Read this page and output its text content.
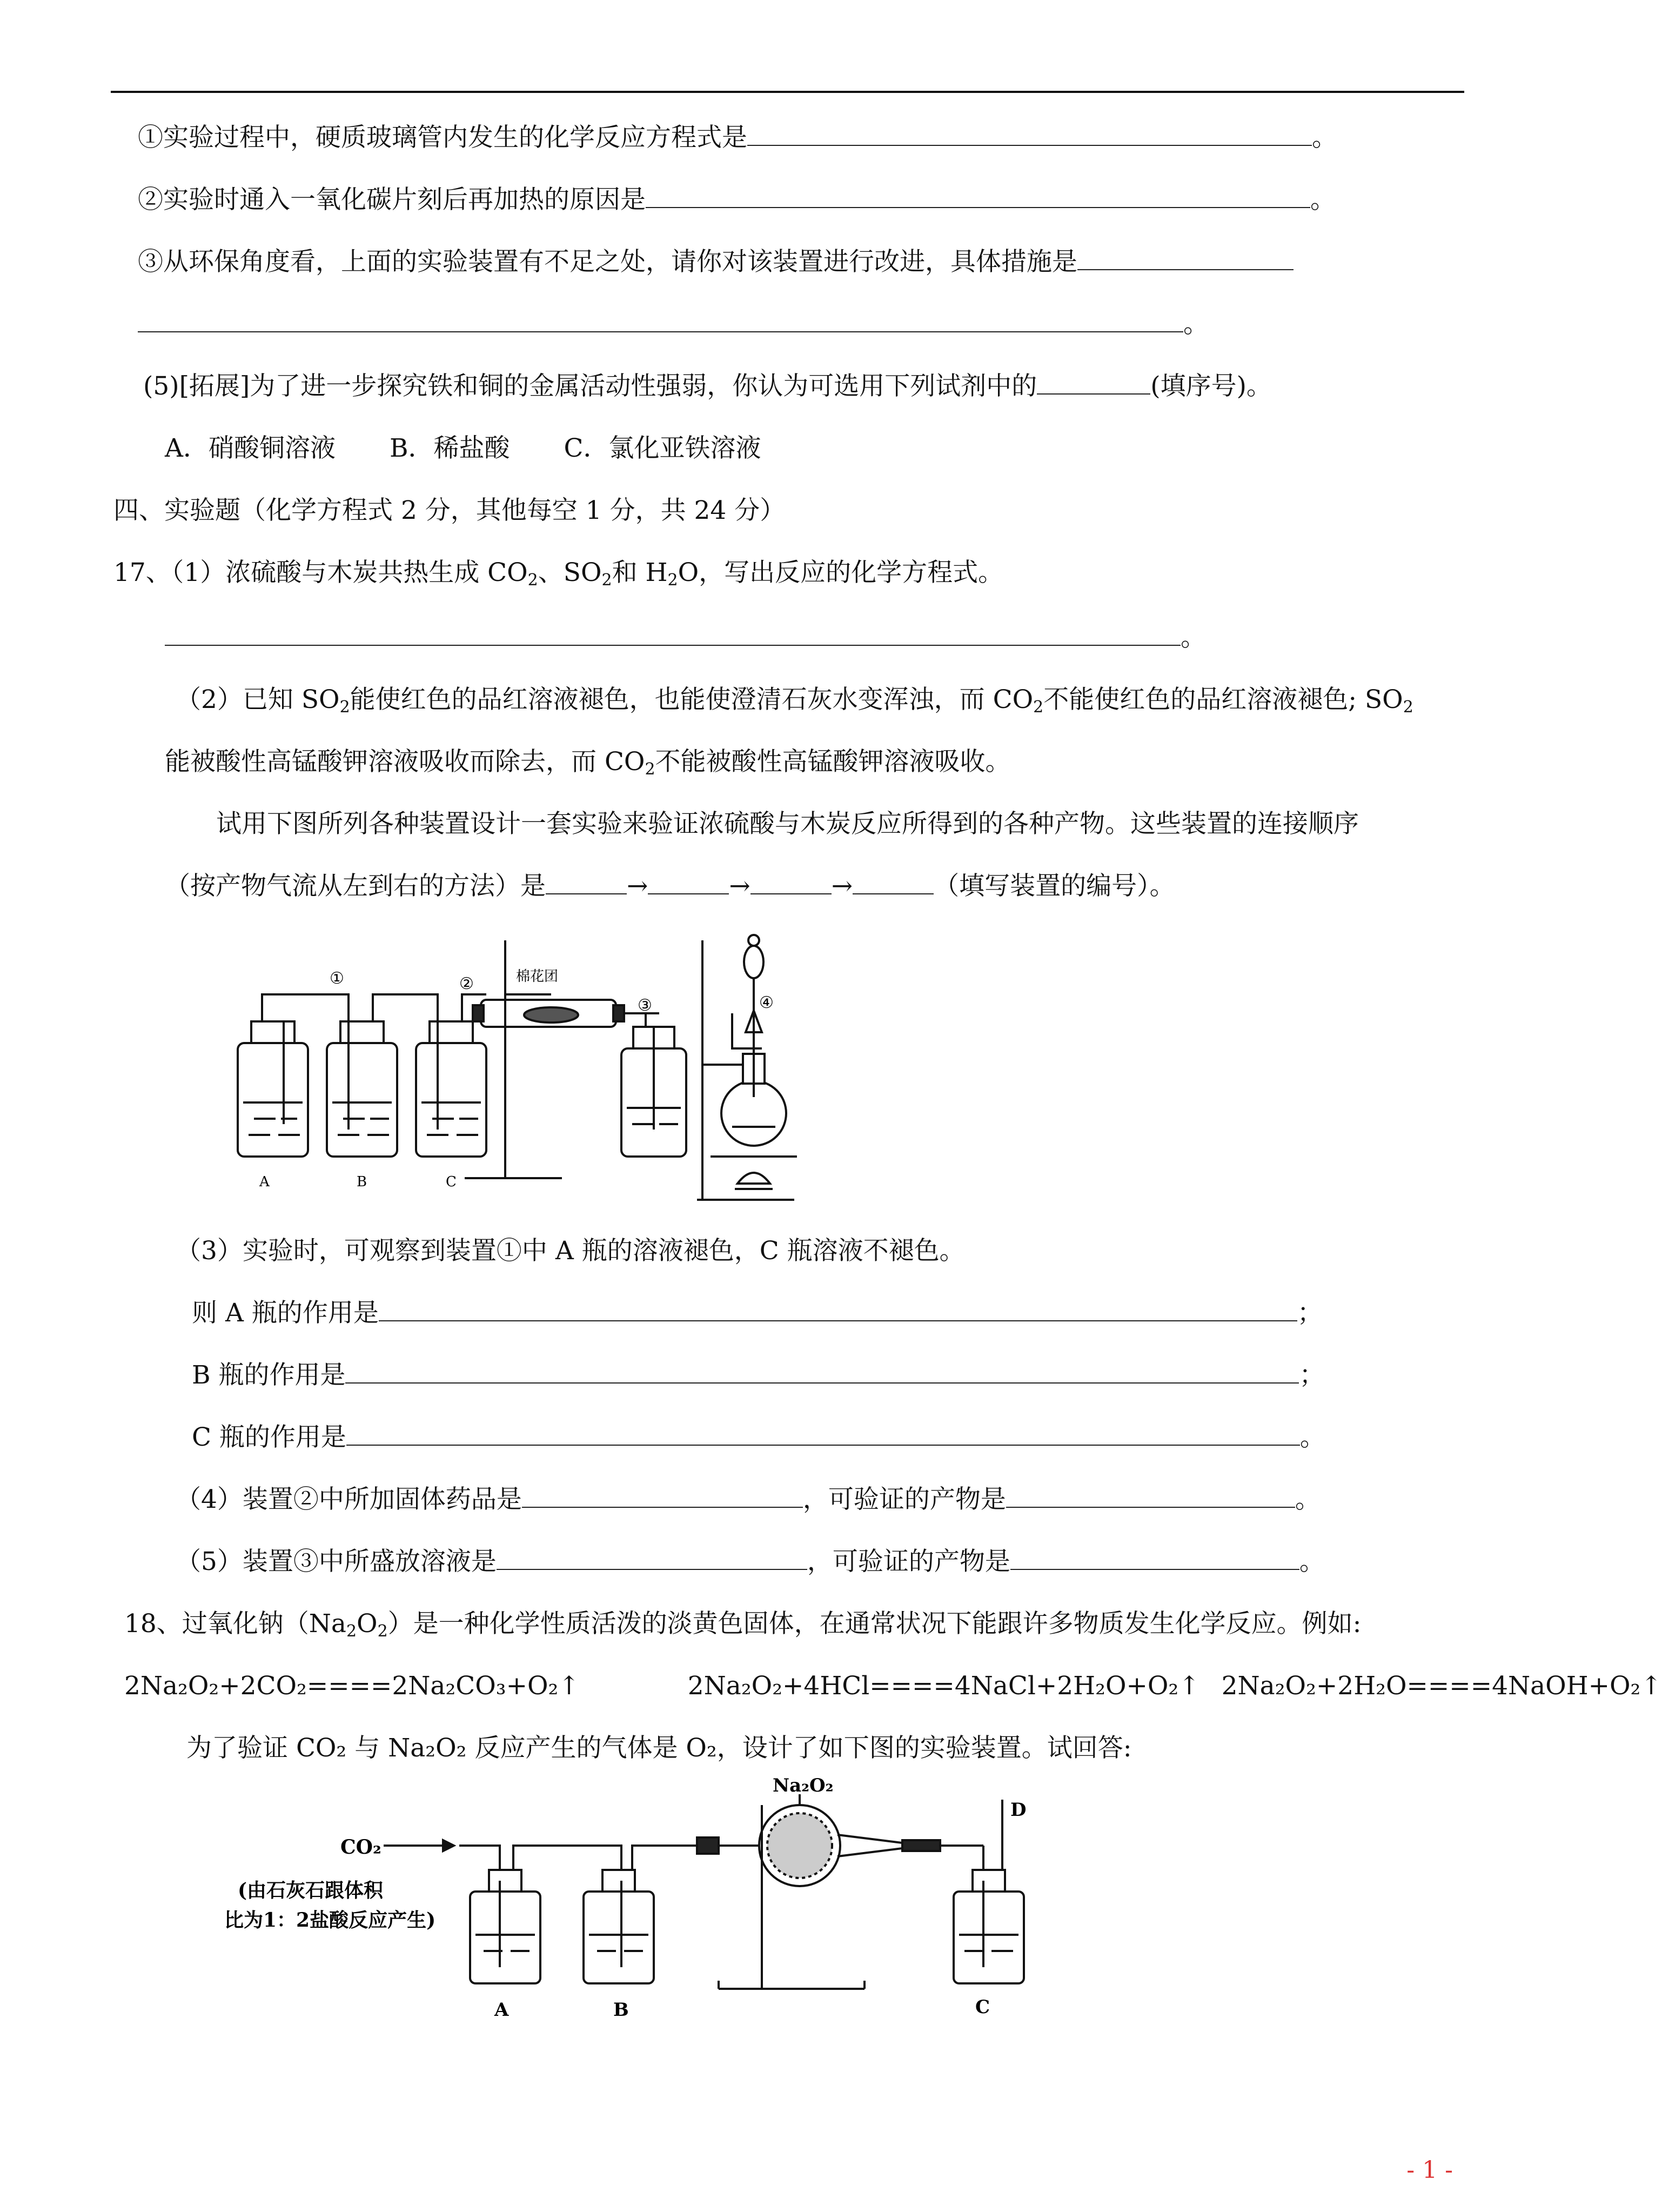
①实验过程中，硬质玻璃管内发生的化学反应方程式是	。
②实验时通入一氧化碳片刻后再加热的原因是	。
③从环保角度看，上面的实验装置有不足之处，请你对该装置进行改进，具体措施是
。
(5)[拓展]为了进一步探究铁和铜的金属活动性强弱，你认为可选用下列试剂中的	(填序号)。
A．硝酸铜溶液 B．稀盐酸 C．氯化亚铁溶液
四、实验题（化学方程式 2 分，其他每空 1 分，共 24 分）
17、（1）浓硫酸与木炭共热生成 $CO_2$、$SO_2$和 $H_2O$，写出反应的化学方程式。
。
（2）已知 $SO_2$能使红色的品红溶液褪色，也能使澄清石灰水变浑浊，而 $CO_2$不能使红色的品红溶液褪色; $SO_2$
能被酸性高锰酸钾溶液吸收而除去，而 $CO_2$不能被酸性高锰酸钾溶液吸收。
试用下图所列各种装置设计一套实验来验证浓硫酸与木炭反应所得到的各种产物。这些装置的连接顺序
（按产物气流从左到右的方法）是	→	→	→	（填写装置的编号）。
①	②	棉花团
③	④
A	B	C
（3）实验时，可观察到装置①中 A 瓶的溶液褪色，C 瓶溶液不褪色。
则 A 瓶的作用是	；
B 瓶的作用是	；
C 瓶的作用是	。
（4）装置②中所加固体药品是	，可验证的产物是	。
（5）装置③中所盛放溶液是	，可验证的产物是	。
18、过氧化钠$(Na_2O_2)$是一种化学性质活泼的淡黄色固体，在通常状况下能跟许多物质发生化学反应。例如:
2Na₂O₂+2CO₂====2Na₂CO₃+O₂↑	2Na₂O₂+4HCl====4NaCl+2H₂O+O₂↑ 2Na₂O₂+2H₂O====4NaOH+O₂↑
为了验证 CO₂ 与 Na₂O₂ 反应产生的气体是 O₂，设计了如下图的实验装置。试回答:
CO₂
(由石灰石跟体积
比为1：2盐酸反应产生)
Na₂O₂
D
A	B	C
- 1 -
